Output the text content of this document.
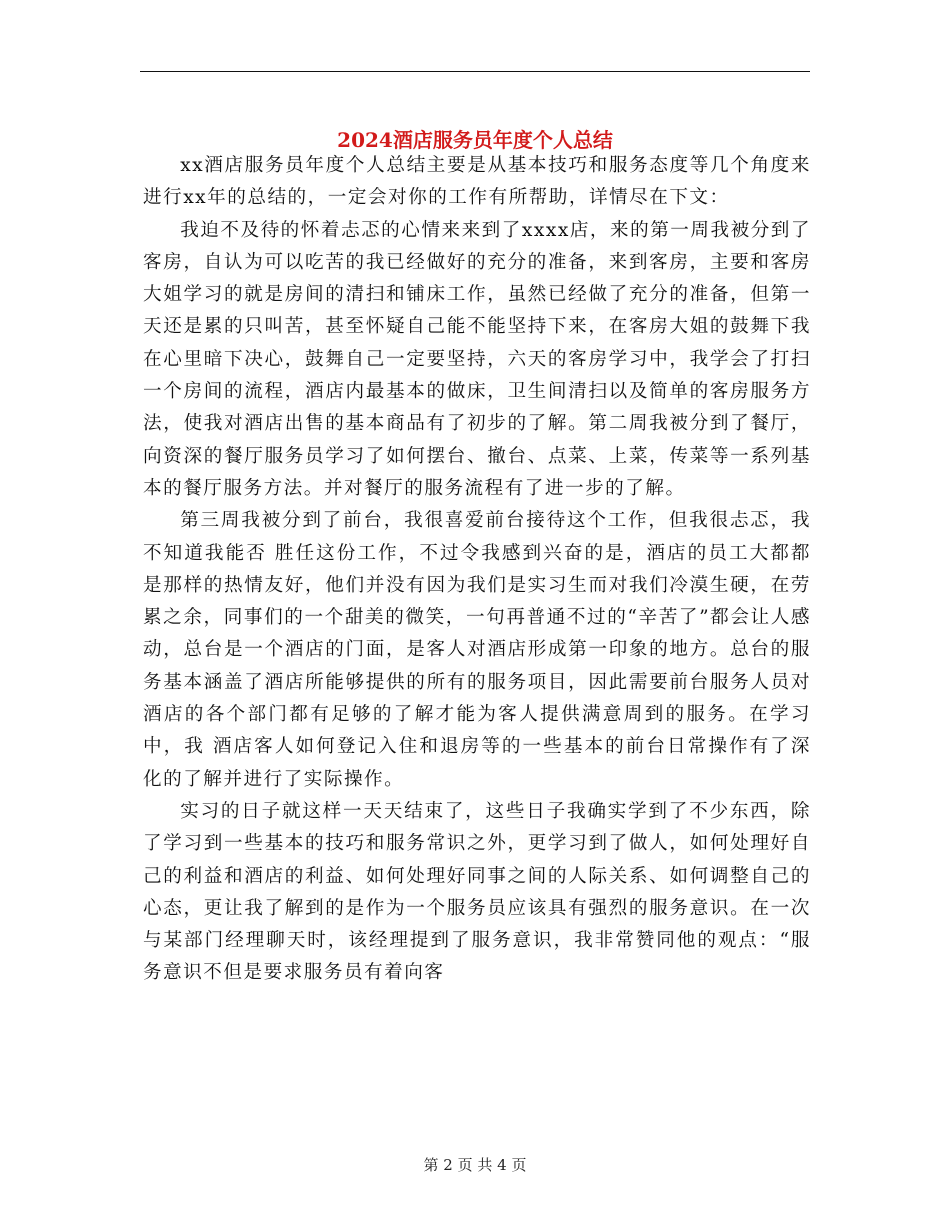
2024酒店服务员年度个人总结

xx酒店服务员年度个人总结主要是从基本技巧和服务态度等几个角度来进行xx年的总结的，一定会对你的工作有所帮助，详情尽在下文：

我迫不及待的怀着忐忑的心情来来到了xxxx店，来的第一周我被分到了客房，自认为可以吃苦的我已经做好的充分的准备，来到客房，主要和客房大姐学习的就是房间的清扫和铺床工作，虽然已经做了充分的准备，但第一天还是累的只叫苦，甚至怀疑自己能不能坚持下来，在客房大姐的鼓舞下我在心里暗下决心，鼓舞自己一定要坚持，六天的客房学习中，我学会了打扫一个房间的流程，酒店内最基本的做床，卫生间清扫以及简单的客房服务方法，使我对酒店出售的基本商品有了初步的了解。第二周我被分到了餐厅，向资深的餐厅服务员学习了如何摆台、撤台、点菜、上菜，传菜等一系列基本的餐厅服务方法。并对餐厅的服务流程有了进一步的了解。

第三周我被分到了前台，我很喜爱前台接待这个工作，但我很忐忑，我不知道我能否 胜任这份工作，不过令我感到兴奋的是，酒店的员工大都都是那样的热情友好，他们并没有因为我们是实习生而对我们冷漠生硬，在劳累之余，同事们的一个甜美的微笑，一句再普通不过的“辛苦了”都会让人感动，总台是一个酒店的门面，是客人对酒店形成第一印象的地方。总台的服务基本涵盖了酒店所能够提供的所有的服务项目，因此需要前台服务人员对酒店的各个部门都有足够的了解才能为客人提供满意周到的服务。在学习中，我 酒店客人如何登记入住和退房等的一些基本的前台日常操作有了深化的了解并进行了实际操作。

实习的日子就这样一天天结束了，这些日子我确实学到了不少东西，除了学习到一些基本的技巧和服务常识之外，更学习到了做人，如何处理好自己的利益和酒店的利益、如何处理好同事之间的人际关系、如何调整自己的心态，更让我了解到的是作为一个服务员应该具有强烈的服务意识。在一次与某部门经理聊天时，该经理提到了服务意识，我非常赞同他的观点：“服务意识不但是要求服务员有着向客

第 2 页 共 4 页
